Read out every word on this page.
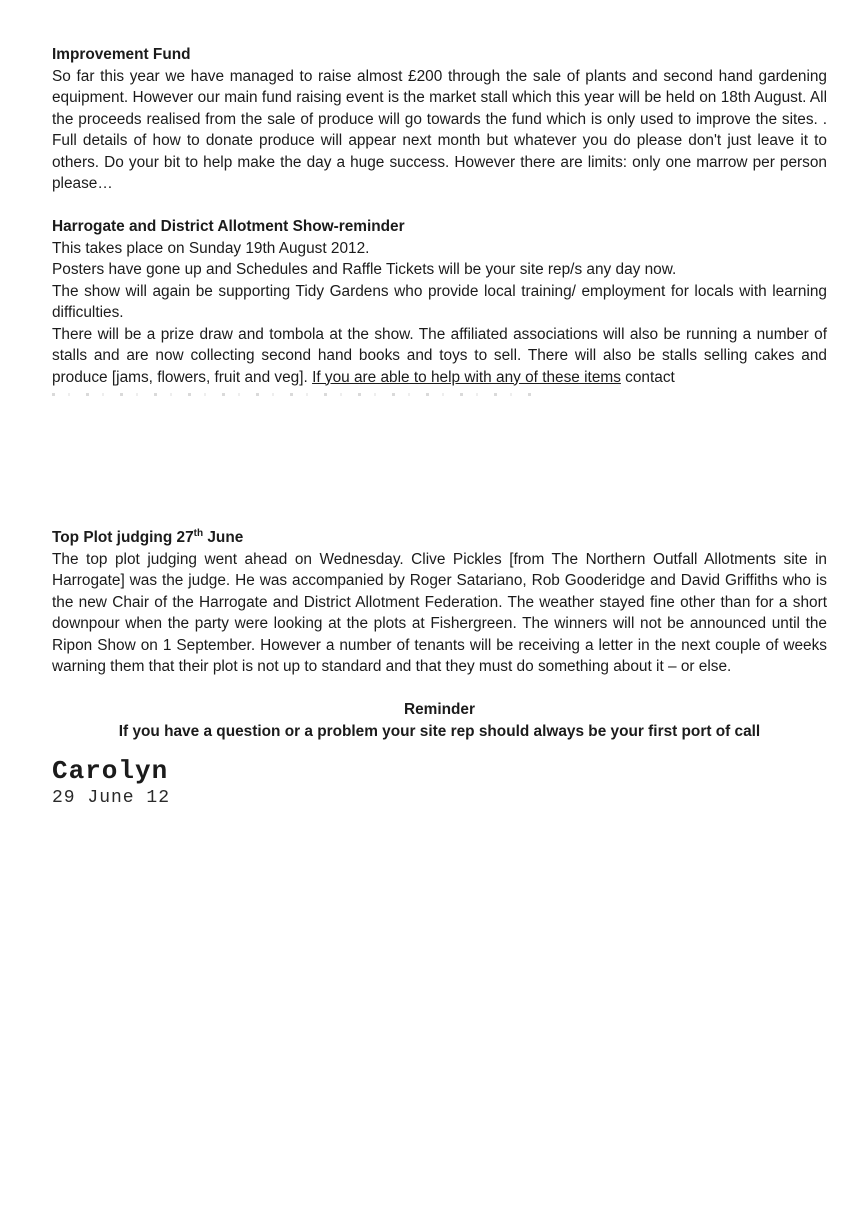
Improvement Fund

So far this year we have managed to raise almost £200 through the sale of plants and second hand gardening equipment. However our main fund raising event is the market stall which this year will be held on 18th August. All the proceeds realised from the sale of produce will go towards the fund which is only used to improve the sites. . Full details of how to donate produce will appear next month but whatever you do please don't just leave it to others. Do your bit to help make the day a huge success. However there are limits: only one marrow per person please…

Harrogate and District Allotment Show-reminder

This takes place on Sunday 19th August 2012.

Posters have gone up and Schedules and Raffle Tickets will be your site rep/s any day now.

The show will again be supporting Tidy Gardens who provide local training/ employment for locals with learning difficulties.

There will be a prize draw and tombola at the show. The affiliated associations will also be running a number of stalls and are now collecting second hand books and toys to sell. There will also be stalls selling cakes and produce [jams, flowers, fruit and veg]. If you are able to help with any of these items contact

Top Plot judging 27th June

The top plot judging went ahead on Wednesday. Clive Pickles [from The Northern Outfall Allotments site in Harrogate] was the judge. He was accompanied by Roger Satariano, Rob Gooderidge and David Griffiths who is the new Chair of the Harrogate and District Allotment Federation. The weather stayed fine other than for a short downpour when the party were looking at the plots at Fishergreen. The winners will not be announced until the Ripon Show on 1 September. However a number of tenants will be receiving a letter in the next couple of weeks warning them that their plot is not up to standard and that they must do something about it – or else.

Reminder

If you have a question or a problem your site rep should always be your first port of call

Carolyn
29 June 12
